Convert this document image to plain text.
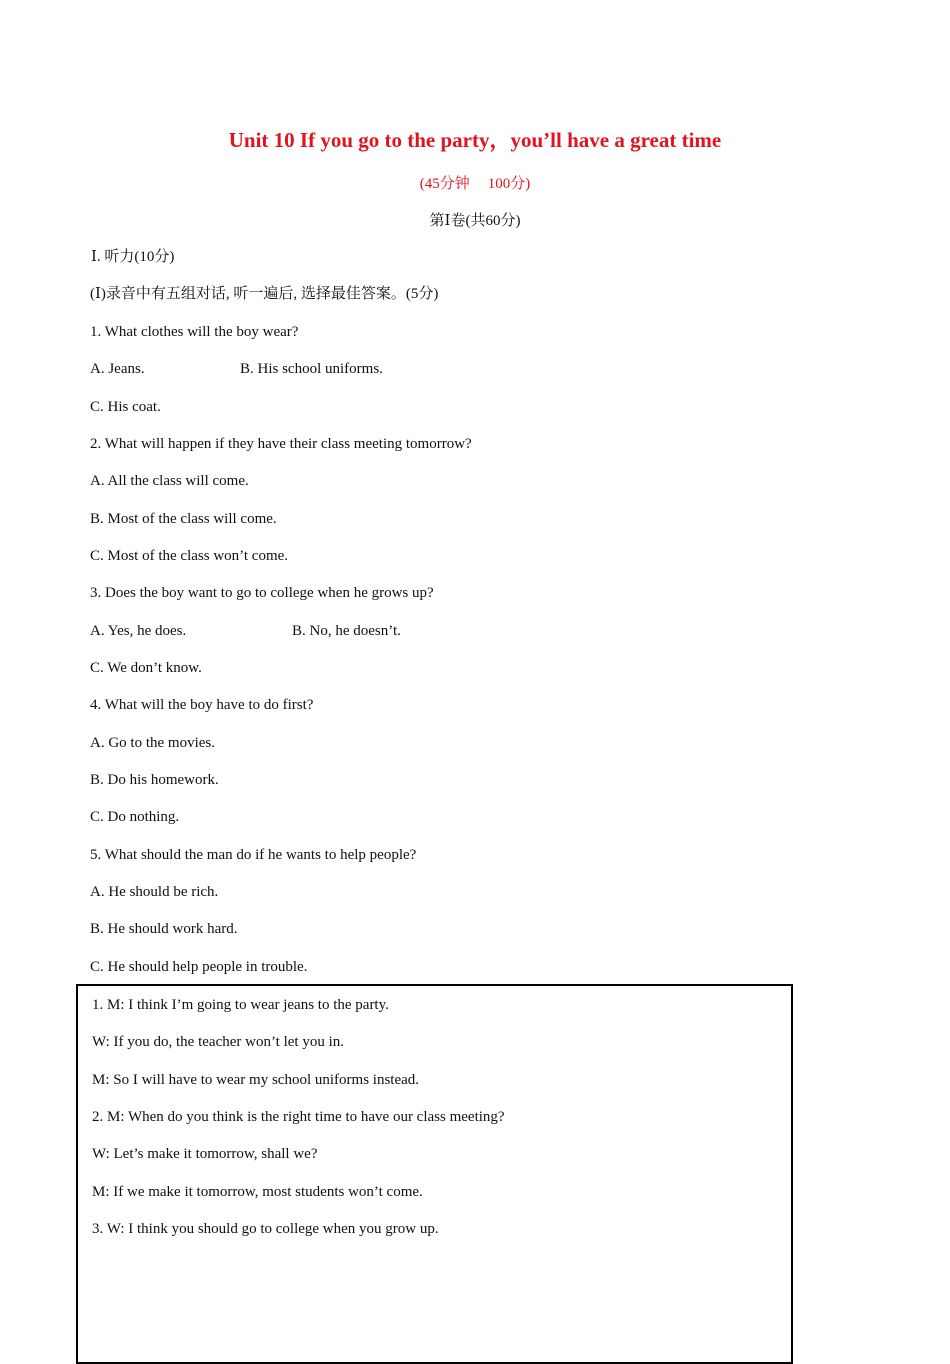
Unit 10 If you go to the party，you’ll have a great time
(45分钟 100分)
第Ⅰ卷(共60分)
Ⅰ. 听力(10分)
(Ⅰ)录音中有五组对话, 听一遍后, 选择最佳答案。(5分)
1. What clothes will the boy wear?
A. Jeans.	B. His school uniforms.
C. His coat.
2. What will happen if they have their class meeting tomorrow?
A. All the class will come.
B. Most of the class will come.
C. Most of the class won’t come.
3. Does the boy want to go to college when he grows up?
A. Yes, he does.	B. No, he doesn’t.
C. We don’t know.
4. What will the boy have to do first?
A. Go to the movies.
B. Do his homework.
C. Do nothing.
5. What should the man do if he wants to help people?
A. He should be rich.
B. He should work hard.
C. He should help people in trouble.
1. M: I think I’m going to wear jeans to the party.
W: If you do, the teacher won’t let you in.
M: So I will have to wear my school uniforms instead.
2. M: When do you think is the right time to have our class meeting?
W: Let’s make it tomorrow, shall we?
M: If we make it tomorrow, most students won’t come.
3. W: I think you should go to college when you grow up.
